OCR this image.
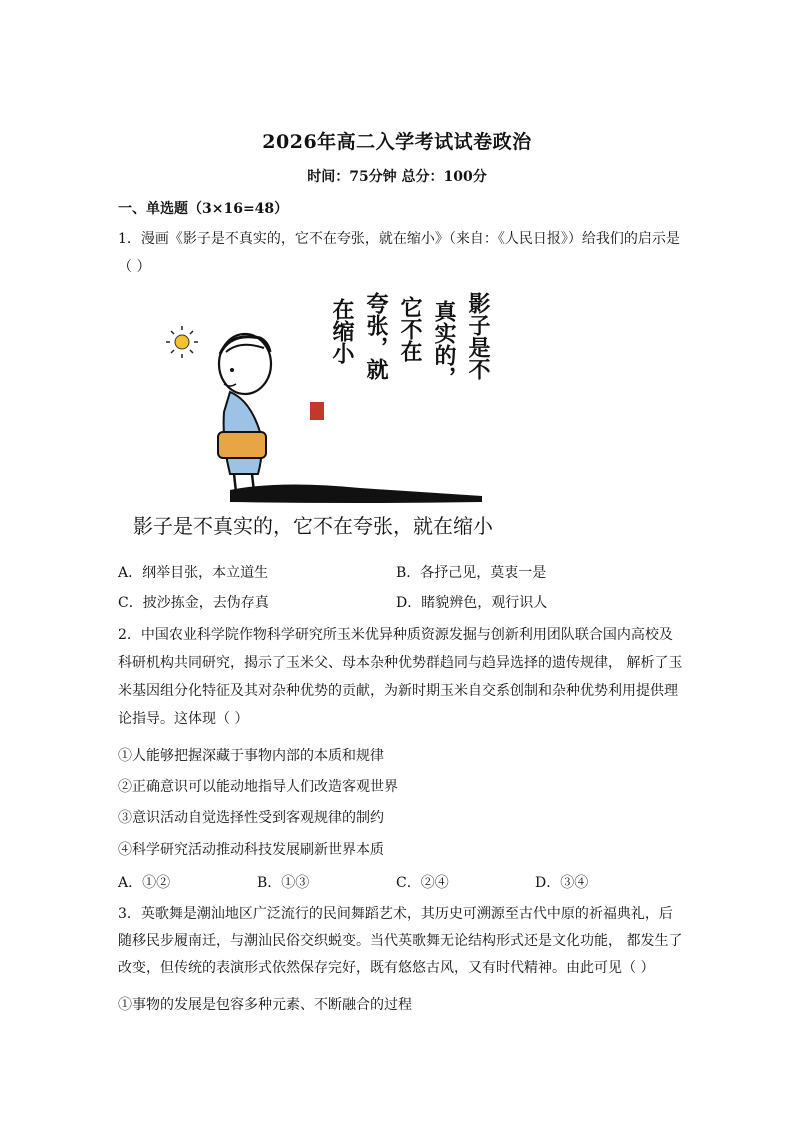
2026年高二入学考试试卷政治
时间：75分钟 总分：100分
一、单选题（3×16=48）
1．漫画《影子是不真实的，它不在夸张，就在缩小》（来自：《人民日报》）给我们的启示是
（ ）
影子是不
真实的，
它不在
夸张，就
在缩小
影子是不真实的，它不在夸张，就在缩小
A．纲举目张，本立道生	B．各抒己见，莫衷一是
C．披沙拣金，去伪存真	D．睹貌辨色，观行识人
2．中国农业科学院作物科学研究所玉米优异种质资源发掘与创新利用团队联合国内高校及
科研机构共同研究，揭示了玉米父、母本杂种优势群趋同与趋异选择的遗传规律， 解析了玉
米基因组分化特征及其对杂种优势的贡献，为新时期玉米自交系创制和杂种优势利用提供理
论指导。这体现（ ）
①人能够把握深藏于事物内部的本质和规律
②正确意识可以能动地指导人们改造客观世界
③意识活动自觉选择性受到客观规律的制约
④科学研究活动推动科技发展刷新世界本质
A．①②	B．①③	C．②④	D．③④
3．英歌舞是潮汕地区广泛流行的民间舞蹈艺术，其历史可溯源至古代中原的祈福典礼，后
随移民步履南迁，与潮汕民俗交织蜕变。当代英歌舞无论结构形式还是文化功能， 都发生了
改变，但传统的表演形式依然保存完好，既有悠悠古风，又有时代精神。由此可见（ ）
①事物的发展是包容多种元素、不断融合的过程
